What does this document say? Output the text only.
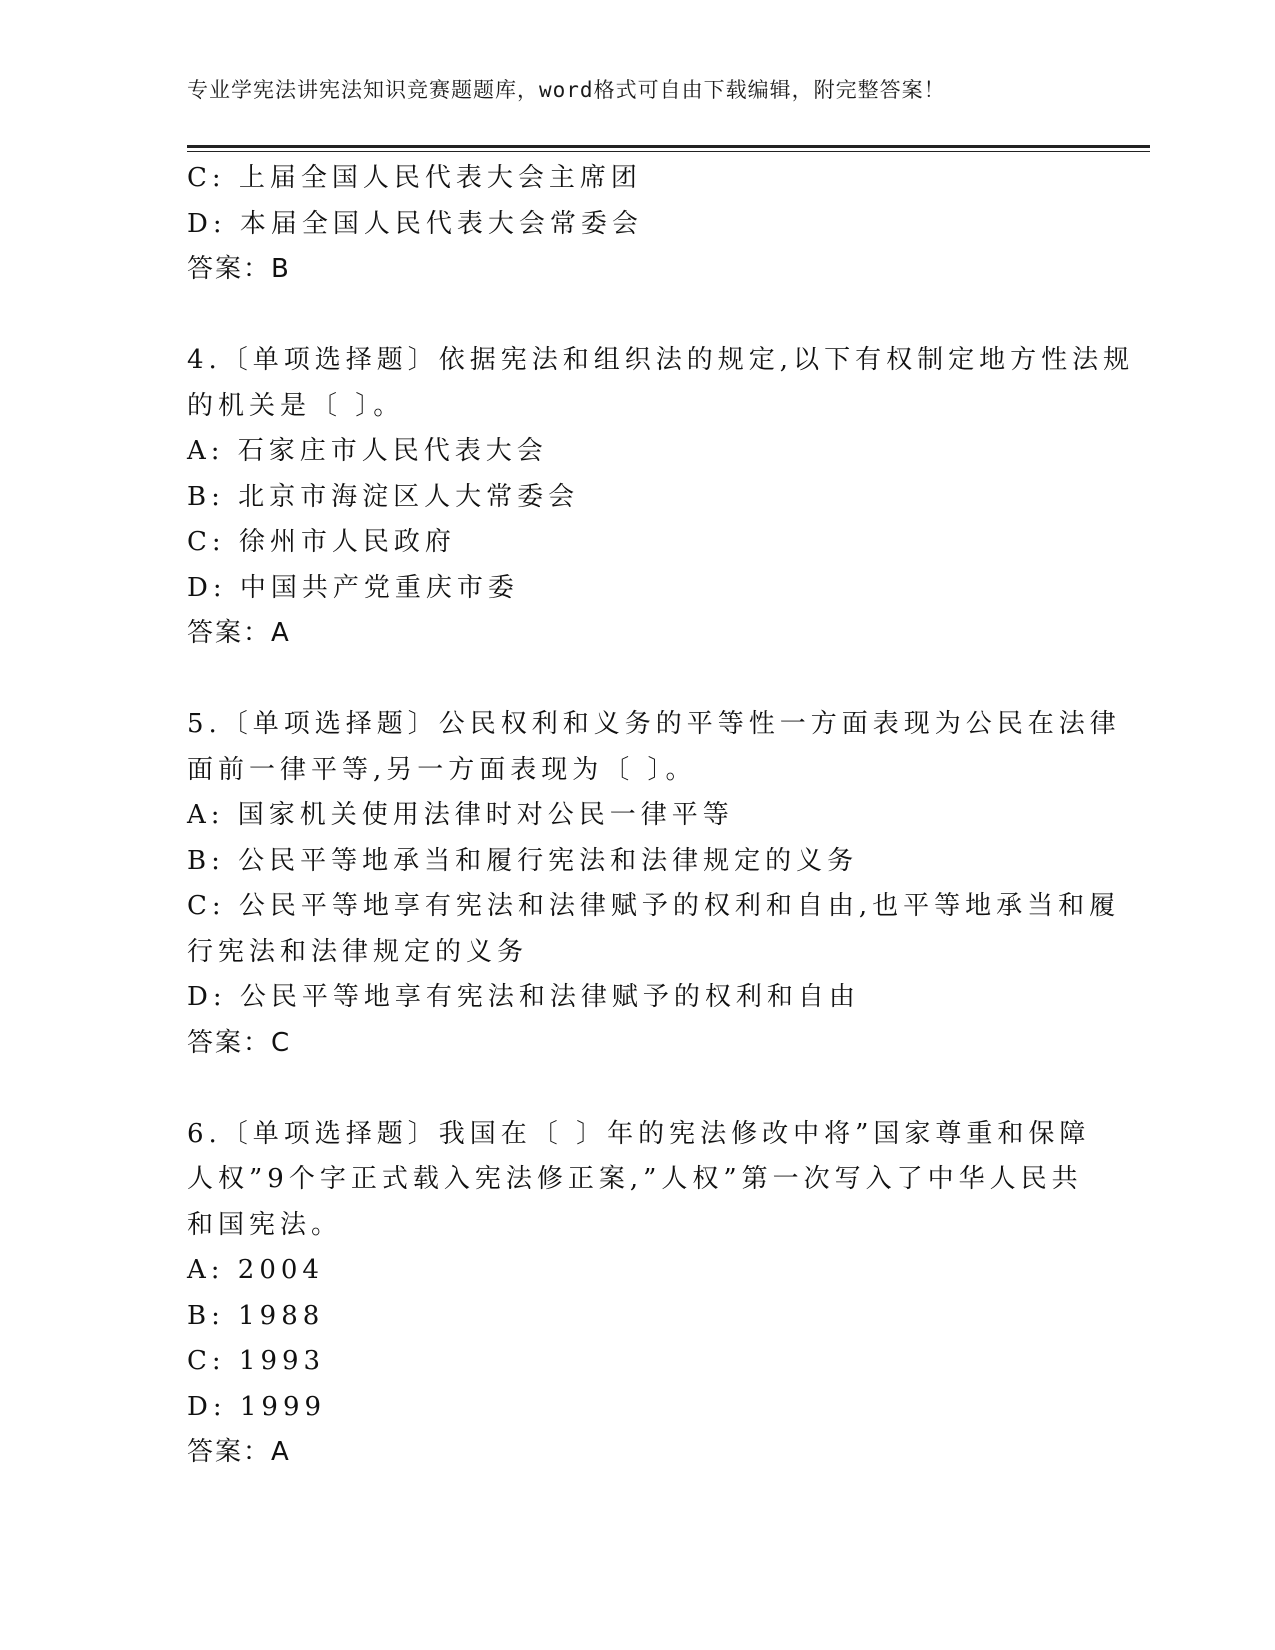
专业学宪法讲宪法知识竞赛题题库，word格式可自由下载编辑，附完整答案！
C: 上届全国人民代表大会主席团
D: 本届全国人民代表大会常委会
答案：B
4.〔单项选择题〕依据宪法和组织法的规定,以下有权制定地方性法规
的机关是〔 〕。
A: 石家庄市人民代表大会
B: 北京市海淀区人大常委会
C: 徐州市人民政府
D: 中国共产党重庆市委
答案：A
5.〔单项选择题〕公民权利和义务的平等性一方面表现为公民在法律
面前一律平等,另一方面表现为〔 〕。
A: 国家机关使用法律时对公民一律平等
B: 公民平等地承当和履行宪法和法律规定的义务
C: 公民平等地享有宪法和法律赋予的权利和自由,也平等地承当和履
行宪法和法律规定的义务
D: 公民平等地享有宪法和法律赋予的权利和自由
答案：C
6.〔单项选择题〕我国在〔 〕年的宪法修改中将”国家尊重和保障
人权”9个字正式载入宪法修正案,”人权”第一次写入了中华人民共
和国宪法。
A: 2004
B: 1988
C: 1993
D: 1999
答案：A
